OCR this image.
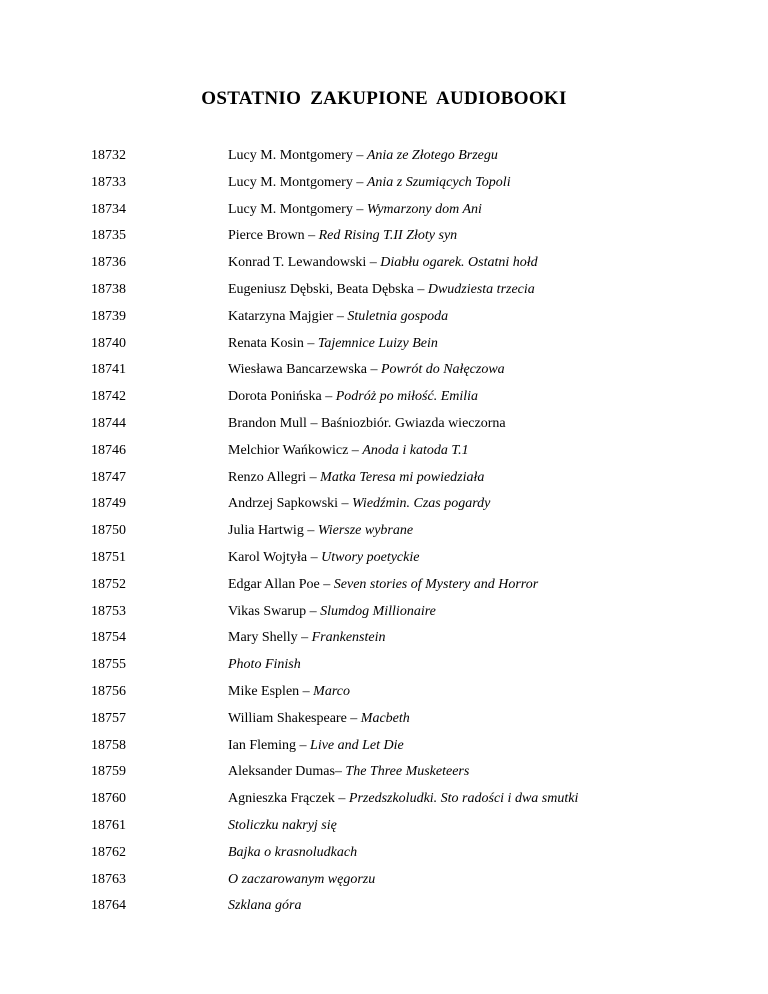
OSTATNIO ZAKUPIONE AUDIOBOOKI
18732	Lucy M. Montgomery – Ania ze Złotego Brzegu
18733	Lucy M. Montgomery – Ania z Szumiących Topoli
18734	Lucy M. Montgomery – Wymarzony dom Ani
18735	Pierce Brown – Red Rising T.II Złoty syn
18736	Konrad T. Lewandowski – Diabłu ogarek. Ostatni hołd
18738	Eugeniusz Dębski, Beata Dębska – Dwudziesta trzecia
18739	Katarzyna Majgier – Stuletnia gospoda
18740	Renata Kosin – Tajemnice Luizy Bein
18741	Wiesława Bancarzewska – Powrót do Nałęczowa
18742	Dorota Ponińska – Podróż po miłość. Emilia
18744	Brandon Mull – Baśniozbiór. Gwiazda wieczorna
18746	Melchior Wańkowicz – Anoda i katoda T.1
18747	Renzo Allegri – Matka Teresa mi powiedziała
18749	Andrzej Sapkowski – Wiedźmin. Czas pogardy
18750	Julia Hartwig – Wiersze wybrane
18751	Karol Wojtyła – Utwory poetyckie
18752	Edgar Allan Poe – Seven stories of Mystery and Horror
18753	Vikas Swarup – Slumdog Millionaire
18754	Mary Shelly – Frankenstein
18755	Photo Finish
18756	Mike Esplen – Marco
18757	William Shakespeare – Macbeth
18758	Ian Fleming – Live and Let Die
18759	Aleksander Dumas– The Three Musketeers
18760	Agnieszka Frączek – Przedszkoludki. Sto radości i dwa smutki
18761	Stoliczku nakryj się
18762	Bajka o krasnoludkach
18763	O zaczarowanym węgorzu
18764	Szklana góra
